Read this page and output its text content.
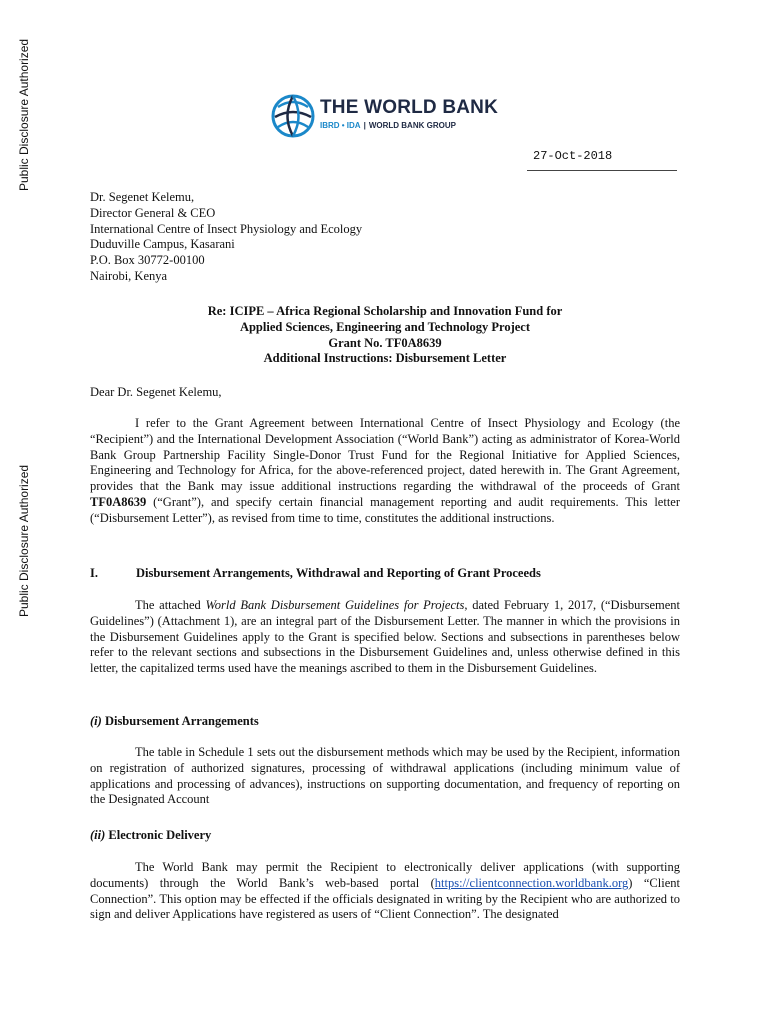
Public Disclosure Authorized
Public Disclosure Authorized
THE WORLD BANK
IBRD • IDA | WORLD BANK GROUP
27-Oct-2018
Dr. Segenet Kelemu,
Director General & CEO
International Centre of Insect Physiology and Ecology
Duduville Campus, Kasarani
P.O. Box 30772-00100
Nairobi, Kenya
Re: ICIPE – Africa Regional Scholarship and Innovation Fund for
Applied Sciences, Engineering and Technology Project
Grant No. TF0A8639
Additional Instructions: Disbursement Letter
Dear Dr. Segenet Kelemu,
I refer to the Grant Agreement between International Centre of Insect Physiology and Ecology (the “Recipient”) and the International Development Association (“World Bank”) acting as administrator of Korea-World Bank Group Partnership Facility Single-Donor Trust Fund for the Regional Initiative for Applied Sciences, Engineering and Technology for Africa, for the above-referenced project, dated herewith in. The Grant Agreement, provides that the Bank may issue additional instructions regarding the withdrawal of the proceeds of Grant TF0A8639 (“Grant”), and specify certain financial management reporting and audit requirements. This letter (“Disbursement Letter”), as revised from time to time, constitutes the additional instructions.
I.	Disbursement Arrangements, Withdrawal and Reporting of Grant Proceeds
The attached World Bank Disbursement Guidelines for Projects, dated February 1, 2017, (“Disbursement Guidelines”) (Attachment 1), are an integral part of the Disbursement Letter. The manner in which the provisions in the Disbursement Guidelines apply to the Grant is specified below. Sections and subsections in parentheses below refer to the relevant sections and subsections in the Disbursement Guidelines and, unless otherwise defined in this letter, the capitalized terms used have the meanings ascribed to them in the Disbursement Guidelines.
(i) Disbursement Arrangements
The table in Schedule 1 sets out the disbursement methods which may be used by the Recipient, information on registration of authorized signatures, processing of withdrawal applications (including minimum value of applications and processing of advances), instructions on supporting documentation, and frequency of reporting on the Designated Account
(ii) Electronic Delivery
The World Bank may permit the Recipient to electronically deliver applications (with supporting documents) through the World Bank’s web-based portal (https://clientconnection.worldbank.org) “Client Connection”. This option may be effected if the officials designated in writing by the Recipient who are authorized to sign and deliver Applications have registered as users of “Client Connection”. The designated
